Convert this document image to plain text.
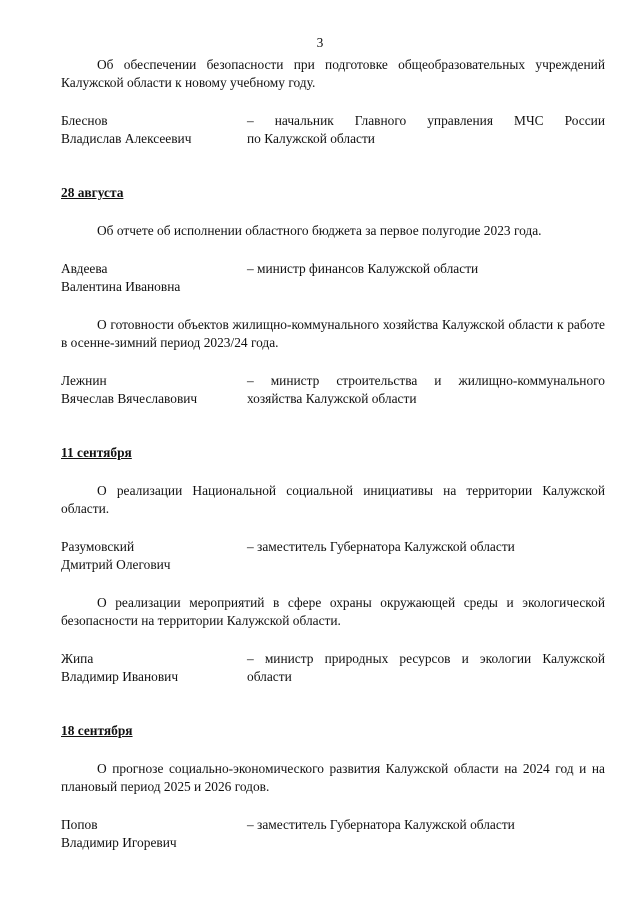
3

Об обеспечении безопасности при подготовке общеобразовательных учреждений Калужской области к новому учебному году.

Блеснов
Владислав Алексеевич
– начальник Главного управления МЧС России
по Калужской области
28 августа

Об отчете об исполнении областного бюджета за первое полугодие 2023 года.

Авдеева
Валентина Ивановна
– министр финансов Калужской области

О готовности объектов жилищно-коммунального хозяйства Калужской области к работе в осенне-зимний период 2023/24 года.

Лежнин
Вячеслав Вячеславович
– министр строительства и жилищно-коммунального
хозяйства Калужской области
11 сентября

О реализации Национальной социальной инициативы на территории Калужской области.

Разумовский
Дмитрий Олегович
– заместитель Губернатора Калужской области

О реализации мероприятий в сфере охраны окружающей среды и экологической безопасности на территории Калужской области.

Жипа
Владимир Иванович
– министр природных ресурсов и экологии Калужской
области
18 сентября

О прогнозе социально-экономического развития Калужской области на 2024 год и на плановый период 2025 и 2026 годов.

Попов
Владимир Игоревич
– заместитель Губернатора Калужской области
